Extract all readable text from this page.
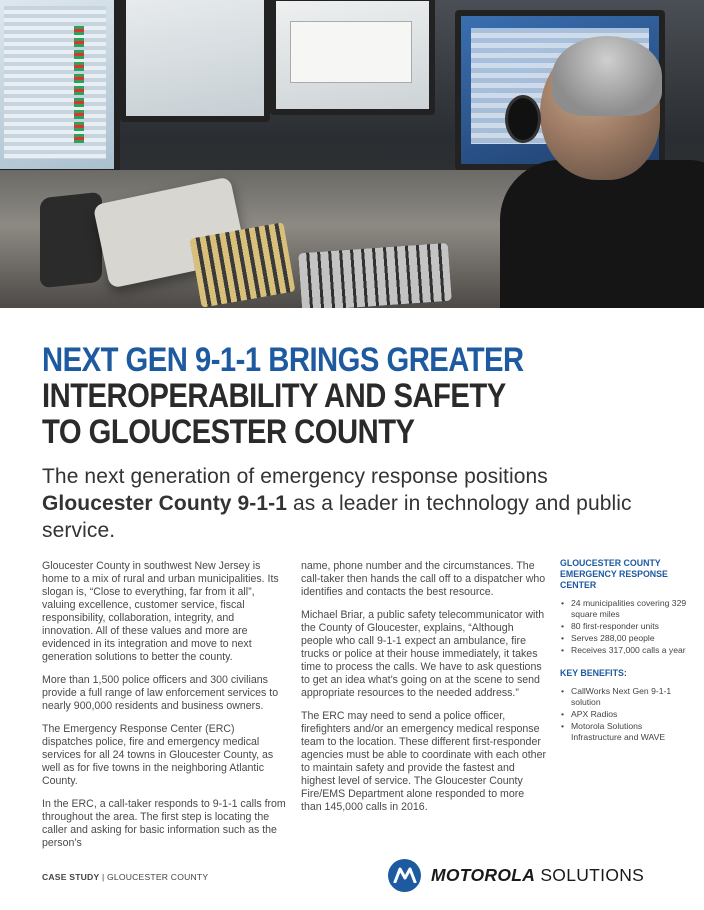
NEXT GEN 9-1-1 BRINGS GREATER
INTEROPERABILITY AND SAFETY
TO GLOUCESTER COUNTY

The next generation of emergency response positions
Gloucester County 9-1-1 as a leader in technology and public service.

Gloucester County in southwest New Jersey is home to a mix of rural and urban municipalities. Its slogan is, “Close to everything, far from it all”, valuing excellence, customer service, fiscal responsibility, collaboration, integrity, and innovation. All of these values and more are evidenced in its integration and move to next generation solutions to better the county.

More than 1,500 police officers and 300 civilians provide a full range of law enforcement services to nearly 900,000 residents and business owners.

The Emergency Response Center (ERC) dispatches police, fire and emergency medical services for all 24 towns in Gloucester County, as well as for five towns in the neighboring Atlantic County.

In the ERC, a call-taker responds to 9-1-1 calls from throughout the area. The first step is locating the caller and asking for basic information such as the person’s

name, phone number and the circumstances. The call-taker then hands the call off to a dispatcher who identifies and contacts the best resource.

Michael Briar, a public safety telecommunicator with the County of Gloucester, explains, “Although people who call 9-1-1 expect an ambulance, fire trucks or police at their house immediately, it takes time to process the calls. We have to ask questions to get an idea what’s going on at the scene to send appropriate resources to the needed address.”

The ERC may need to send a police officer, firefighters and/or an emergency medical response team to the location. These different first-responder agencies must be able to coordinate with each other to maintain safety and provide the fastest and highest level of service. The Gloucester County Fire/EMS Department alone responded to more than 145,000 calls in 2016.

GLOUCESTER COUNTY EMERGENCY RESPONSE CENTER
• 24 municipalities covering 329 square miles
• 80 first-responder units
• Serves 288,00 people
• Receives 317,000 calls a year
KEY BENEFITS:
• CallWorks Next Gen 9-1-1 solution
• APX Radios
• Motorola Solutions Infrastructure and WAVE
CASE STUDY | GLOUCESTER COUNTY	MOTOROLA SOLUTIONS
